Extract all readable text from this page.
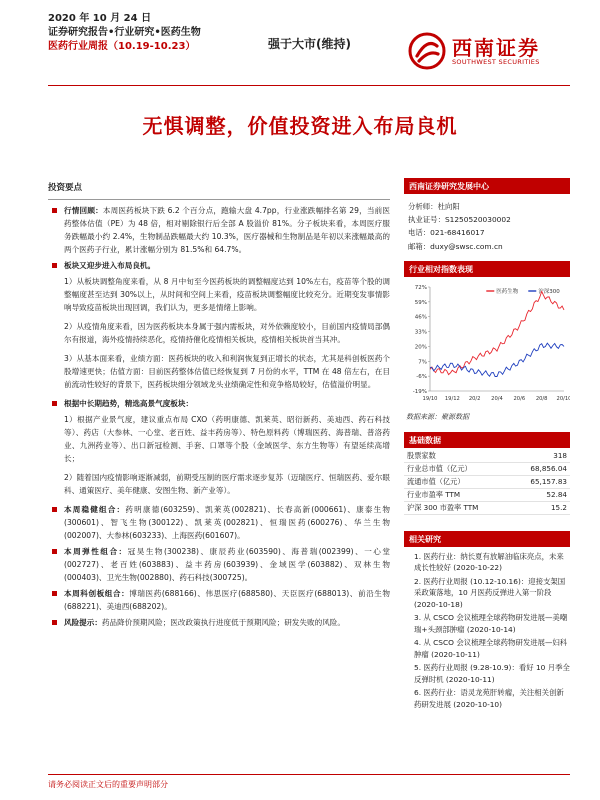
2020 年 10 月 24 日
证券研究报告•行业研究•医药生物
医药行业周报（10.19-10.23）	强于大市(维持)	西南证券
SOUTHWEST SECURITIES
无惧调整，价值投资进入布局良机
投资要点
行情回顾：本周医药板块下跌 6.2 个百分点，跑输大盘 4.7pp，行业涨跌幅排名第 29，当前医药整体估值（PE）为 48 倍，相对剔除银行后全部 A 股溢价 81%。分子板块来看，本周医疗服务跌幅最小约 2.4%，生物制品跌幅最大约 10.3%，医疗器械和生物制品是年初以来涨幅最高的两个医药子行业，累计涨幅分别为 81.5%和 64.7%。
板块又迎步进入布局良机。
1）从板块调整角度来看，从 8 月中旬至今医药板块的调整幅度达到 10%左右，疫苗等个股的调整幅度甚至达到 30%以上，从时间和空间上来看，疫苗板块调整幅度比较充分。近期变发事情影响导致疫苗板块出现回调，我们认为，更多是情绪上影响。
2）从疫情角度来看，因为医药板块本身属于强内需板块，对外依赖度较小，目前国内疫情局部偶尔有报道，海外疫情持续恶化，疫情持催化疫情相关板块，疫情相关板块首当其冲。
3）从基本面来看，业绩方面：医药板块的收入和利润恢复到正增长的状态，尤其是科创板医药个股增速更快；估值方面：目前医药整体估值已经恢复到 7 月份的水平，TTM 在 48 倍左右，在目前流动性较好的背景下，医药板块细分领域龙头业绩确定性和竞争格局较好，估值溢价明显。
根据中长期趋势，精选高景气度板块：
1）根据产业景气度，建议重点布局 CXO（药明康德、凯莱英、昭衍新药、美迪西、药石科技等）、药店（大参林、一心堂、老百姓、益丰药房等）、特色原料药（博瑞医药、海普瑞、普洛药业、九洲药业等）、出口新冠检测、手套、口罩等个股（金域医学、东方生物等）有望延续高增长；
2）随着国内疫情影响逐渐减弱，前期受压制的医疗需求逐步复苏（迈瑞医疗、恒瑞医药、爱尔眼科、通策医疗、美年健康、安图生物、新产业等）。
本周稳健组合：药明康德(603259)、凯莱英(002821)、长春高新(000661)、康泰生物(300601)、智飞生物(300122)、凯莱英(002821)、恒瑞医药(600276)、华兰生物(002007)、大参林(603233)、上海医药(601607)。
本周弹性组合：冠昊生物(300238)、康辰药业(603590)、海普瑞(002399)、一心堂(002727)、老百姓(603883)、益丰药房(603939)、金域医学(603882)、双林生物(000403)、卫光生物(002880)、药石科技(300725)。
本周科创板组合：博瑞医药(688166)、伟思医疗(688580)、天臣医疗(688013)、前沿生物(688221)、美迪西(688202)。
风险提示：药品降价预期风险；医改政策执行进度低于预期风险；研发失败的风险。
西南证券研究发展中心
分析师：杜向阳
执业证号：S1250520030002
电话：021-68416017
邮箱：duxy@swsc.com.cn
行业相对指数表现
72%
59%
46%
33%
20%
7%
-6%
-19%
19/10 19/12 20/2 20/4 20/6 20/8 20/10
医药生物	沪深300
数据来源：聚源数据
基础数据
股票家数	318
行业总市值（亿元）	68,856.04
流通市值（亿元）	65,157.83
行业市盈率 TTM	52.84
沪深 300 市盈率 TTM	15.2
相关研究
1. 医药行业：纳长夏有放解油临床亮点，未来成长性较好 (2020-10-22)
2. 医药行业周报 (10.12-10.16)：迎接支架国采政策落地，10 月医药反弹进入第一阶段 (2020-10-18)
3. 从 CSCO 会议梳理全球药物研发进展—美嘲瑞+头颈部肿瘤 (2020-10-14)
4. 从 CSCO 会议梳理全球药物研发进展—妇科肿瘤 (2020-10-11)
5. 医药行业周报 (9.28-10.9)：看好 10 月季全反弹时机 (2020-10-11)
6. 医药行业：语灵龙苑肝转瘤，关注相关创新药研发进展 (2020-10-10)
请务必阅读正文后的重要声明部分
